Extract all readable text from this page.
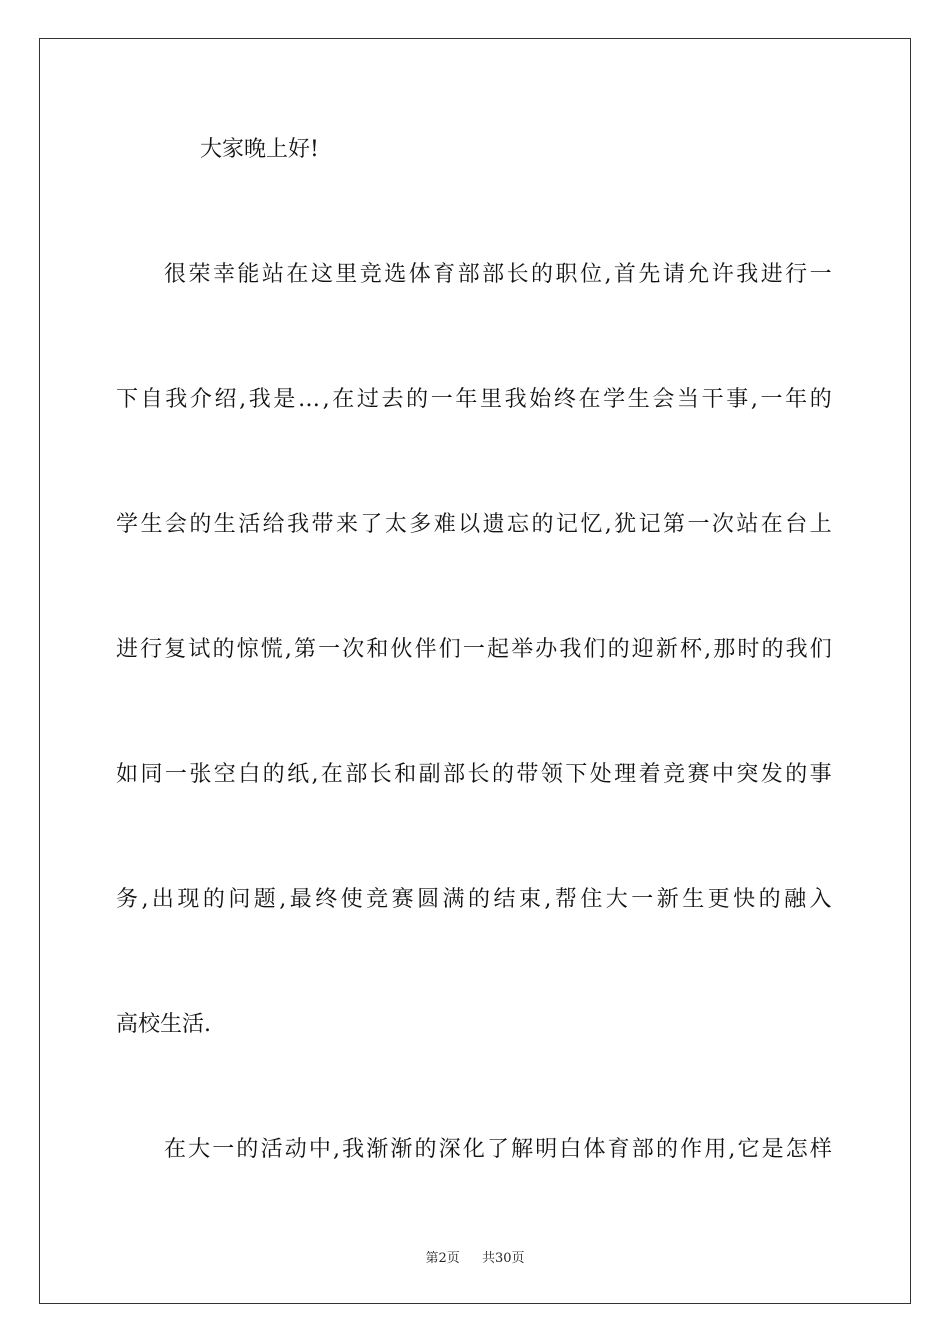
大家晚上好!
很 荣 幸 能 站 在 这 里 竞 选 体 育 部 部 长 的 职 位 , 首 先 请 允 许 我 进 行 一
下 自 我 介 绍 , 我 是 … , 在 过 去 的 一 年 里 我 始 终 在 学 生 会 当 干 事 , 一 年 的
学 生 会 的 生 活 给 我 带 来 了 太 多 难 以 遗 忘 的 记 忆 , 犹 记 第 一 次 站 在 台 上
进 行 复 试 的 惊 慌 , 第 一 次 和 伙 伴 们 一 起 举 办 我 们 的 迎 新 杯 , 那 时 的 我 们
如 同 一 张 空 白 的 纸 , 在 部 长 和 副 部 长 的 带 领 下 处 理 着 竞 赛 中 突 发 的 事
务 , 出 现 的 问 题 , 最 终 使 竞 赛 圆 满 的 结 束 , 帮 住 大 一 新 生 更 快 的 融 入
高校生活.
在 大 一 的 活 动 中 , 我 渐 渐 的 深 化 了 解 明 白 体 育 部 的 作 用 , 它 是 怎 样
第2页 共30页
